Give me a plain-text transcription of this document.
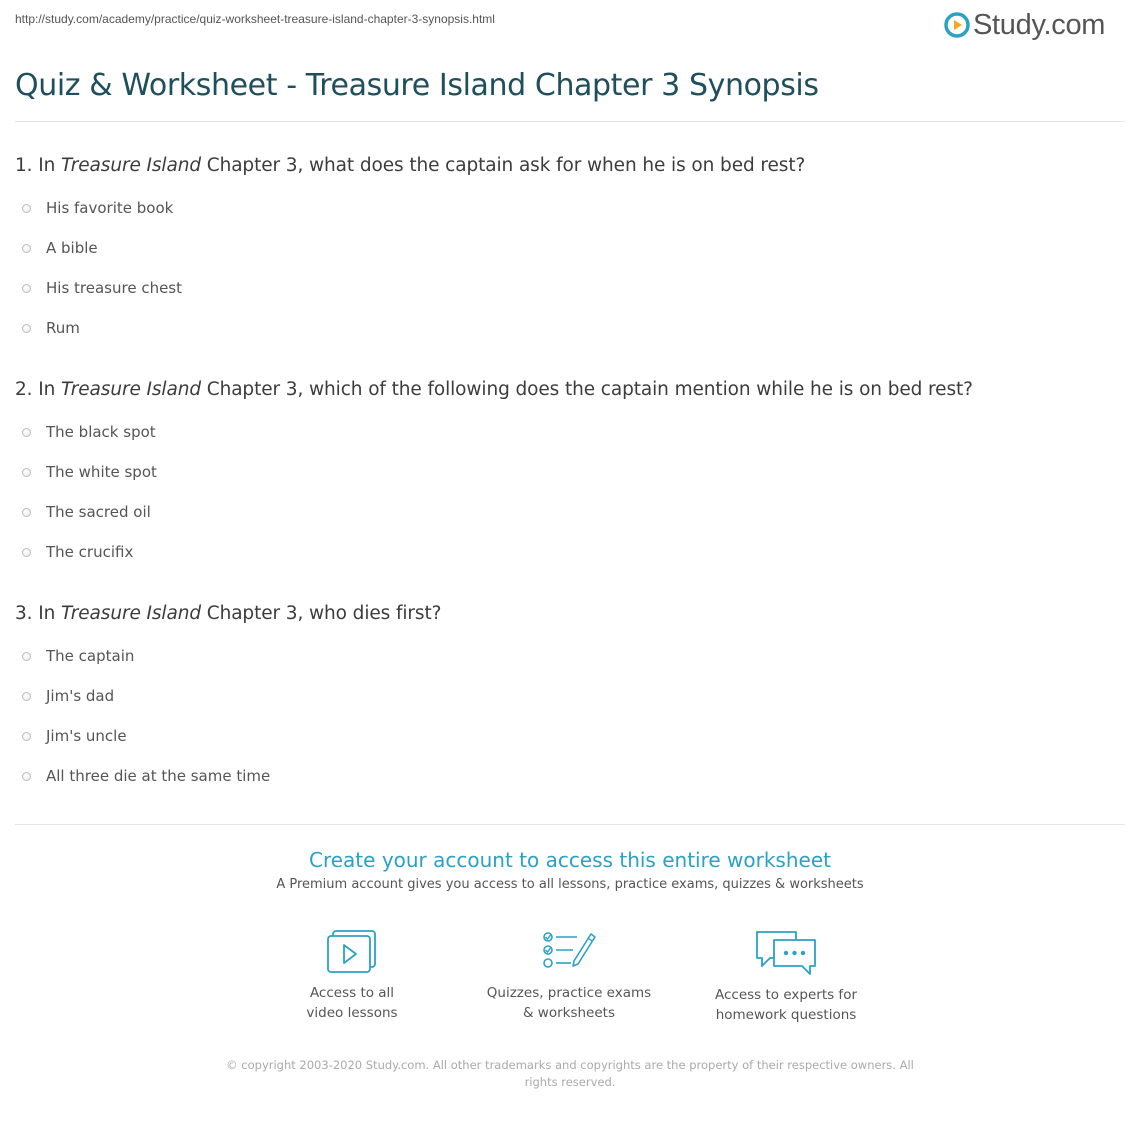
http://study.com/academy/practice/quiz-worksheet-treasure-island-chapter-3-synopsis.html	Study.com
Quiz & Worksheet - Treasure Island Chapter 3 Synopsis
1. In Treasure Island Chapter 3, what does the captain ask for when he is on bed rest?
His favorite book
A bible
His treasure chest
Rum
2. In Treasure Island Chapter 3, which of the following does the captain mention while he is on bed rest?
The black spot
The white spot
The sacred oil
The crucifix
3. In Treasure Island Chapter 3, who dies first?
The captain
Jim's dad
Jim's uncle
All three die at the same time
Create your account to access this entire worksheet
A Premium account gives you access to all lessons, practice exams, quizzes & worksheets
Access to all
video lessons
Quizzes, practice exams
& worksheets
Access to experts for
homework questions
© copyright 2003-2020 Study.com. All other trademarks and copyrights are the property of their respective owners. All rights reserved.
